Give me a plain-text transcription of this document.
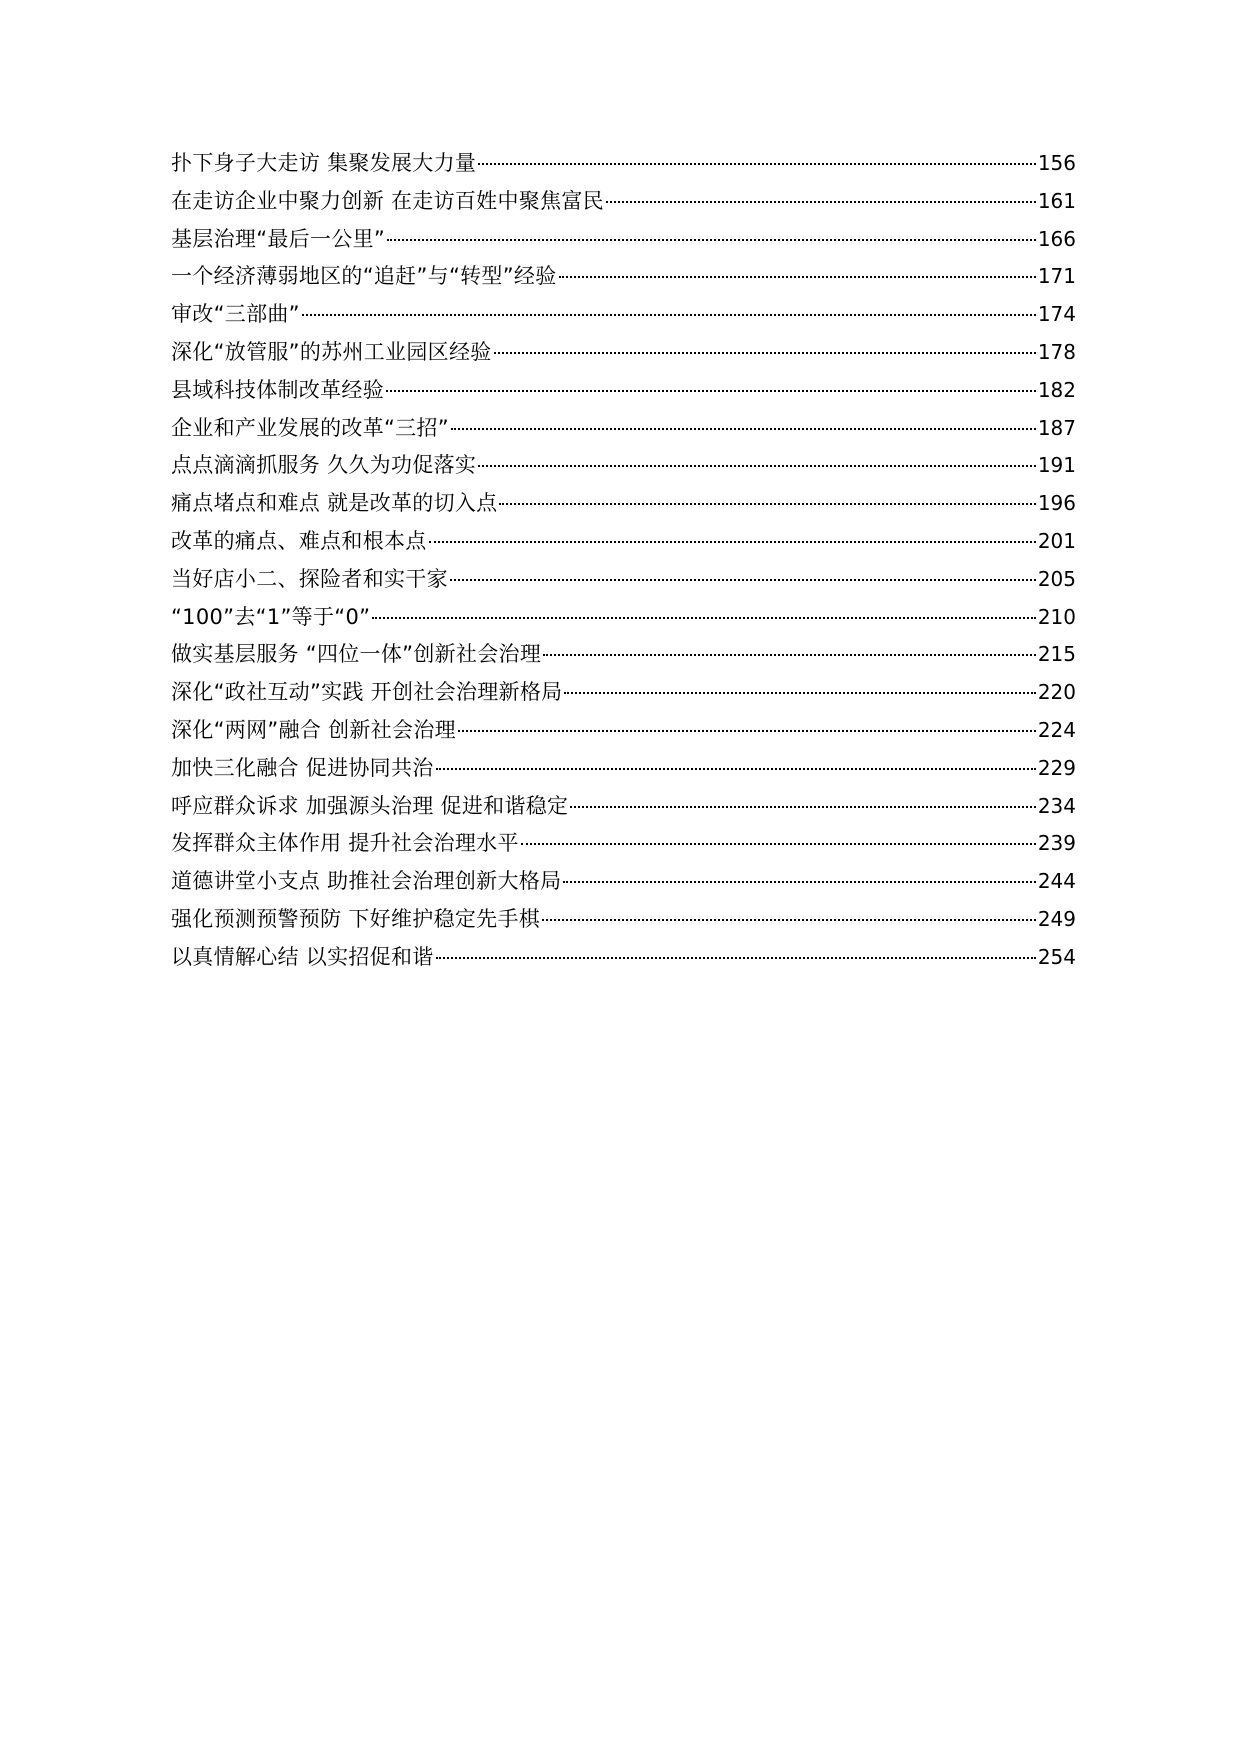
扑下身子大走访 集聚发展大力量	156
在走访企业中聚力创新 在走访百姓中聚焦富民	161
基层治理“最后一公里”	166
一个经济薄弱地区的“追赶”与“转型”经验	171
审改“三部曲”	174
深化“放管服”的苏州工业园区经验	178
县域科技体制改革经验	182
企业和产业发展的改革“三招”	187
点点滴滴抓服务 久久为功促落实	191
痛点堵点和难点 就是改革的切入点	196
改革的痛点、难点和根本点	201
当好店小二、探险者和实干家	205
“100”去“1”等于“0”	210
做实基层服务 “四位一体”创新社会治理	215
深化“政社互动”实践 开创社会治理新格局	220
深化“两网”融合 创新社会治理	224
加快三化融合 促进协同共治	229
呼应群众诉求 加强源头治理 促进和谐稳定	234
发挥群众主体作用 提升社会治理水平	239
道德讲堂小支点 助推社会治理创新大格局	244
强化预测预警预防 下好维护稳定先手棋	249
以真情解心结 以实招促和谐	254
